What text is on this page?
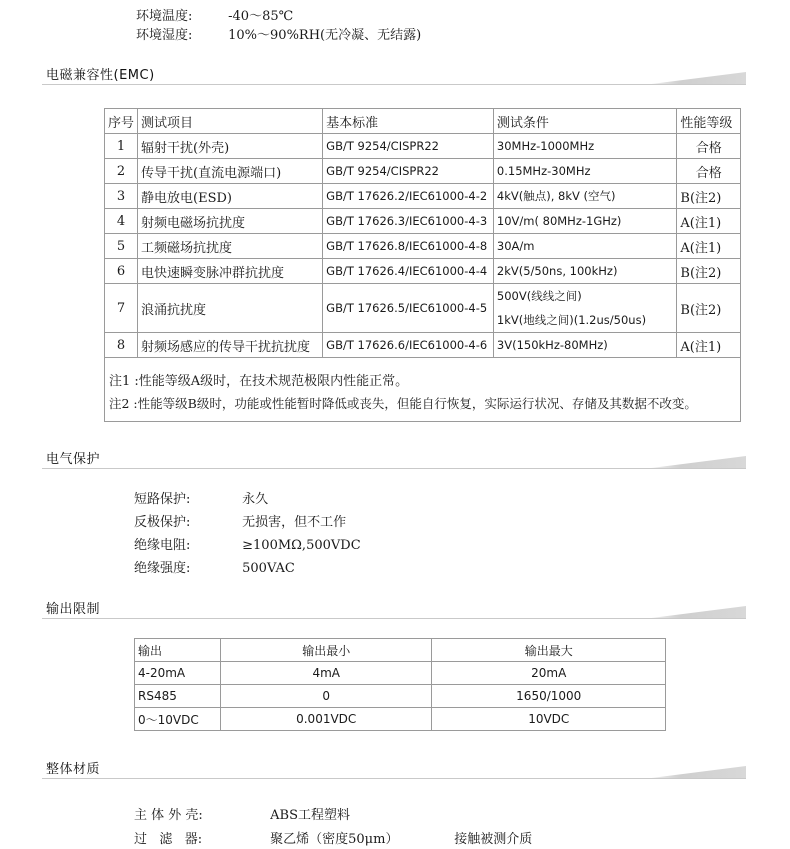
环境温度:	-40～85℃
环境湿度:	10%～90%RH(无冷凝、无结露)
电磁兼容性(EMC)
序号	测试项目	基本标准	测试条件	性能等级
1	辐射干扰(外壳)	GB/T 9254/CISPR22	30MHz-1000MHz	合格
2	传导干扰(直流电源端口)	GB/T 9254/CISPR22	0.15MHz-30MHz	合格
3	静电放电(ESD)	GB/T 17626.2/IEC61000-4-2	4kV(触点), 8kV (空气)	B(注2)
4	射频电磁场抗扰度	GB/T 17626.3/IEC61000-4-3	10V/m( 80MHz-1GHz)	A(注1)
5	工频磁场抗扰度	GB/T 17626.8/IEC61000-4-8	30A/m	A(注1)
6	电快速瞬变脉冲群抗扰度	GB/T 17626.4/IEC61000-4-4	2kV(5/50ns, 100kHz)	B(注2)
7	浪涌抗扰度	GB/T 17626.5/IEC61000-4-5	500V(线线之间)
1kV(地线之间)(1.2us/50us)	B(注2)
8	射频场感应的传导干扰抗扰度	GB/T 17626.6/IEC61000-4-6	3V(150kHz-80MHz)	A(注1)
注1 :性能等级A级时，在技术规范极限内性能正常。
注2 :性能等级B级时，功能或性能暂时降低或丧失，但能自行恢复，实际运行状况、存储及其数据不改变。
电气保护
短路保护:	永久
反极保护:	无损害，但不工作
绝缘电阻:	≥100MΩ,500VDC
绝缘强度:	500VAC
输出限制
输出	输出最小	输出最大
4-20mA	4mA	20mA
RS485	0	1650/1000
0～10VDC	0.001VDC	10VDC
整体材质
主 体 外 壳:	ABS工程塑料
过   滤   器:	聚乙烯（密度50μm）	接触被测介质
